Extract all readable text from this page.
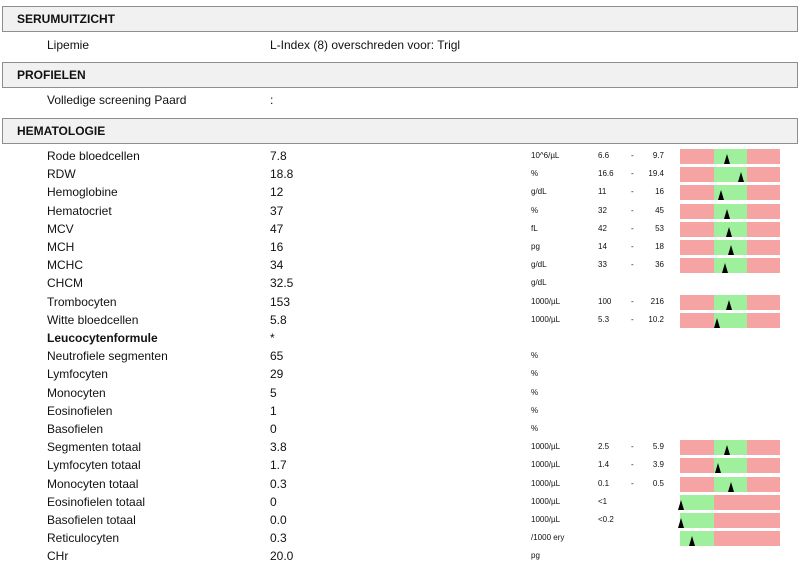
SERUMUITZICHT
Lipemie	L-Index (8) overschreden voor: Trigl
PROFIELEN
Volledige screening Paard	:
HEMATOLOGIE
Rode bloedcellen	7.8	10^6/µL	6.6	-	9.7
RDW	18.8	%	16.6 -	19.4
Hemoglobine	12	g/dL	11	-	16
Hematocriet	37	%	32	-	45
MCV	47	fL	42	-	53
MCH	16	pg	14	-	18
MCHC	34	g/dL	33	-	36
CHCM	32.5	g/dL
Trombocyten	153	1000/µL	100 -	216
Witte bloedcellen	5.8	1000/µL	5.3	-	10.2
Leucocytenformule	*
Neutrofiele segmenten	65	%
Lymfocyten	29	%
Monocyten	5	%
Eosinofielen	1	%
Basofielen	0	%
Segmenten totaal	3.8	1000/µL	2.5	-	5.9
Lymfocyten totaal	1.7	1000/µL	1.4	-	3.9
Monocyten totaal	0.3	1000/µL	0.1	-	0.5
Eosinofielen totaal	0	1000/µL	<1
Basofielen totaal	0.0	1000/µL	<0.2
Reticulocyten	0.3	/1000 ery
CHr	20.0	pg
